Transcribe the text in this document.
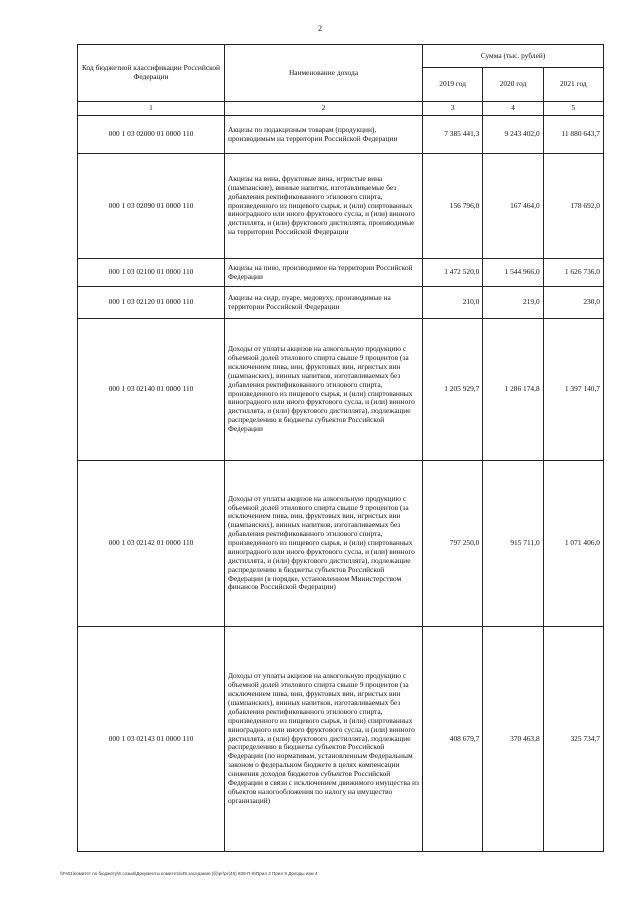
2
Код бюджетной классификации Российской Федерации	Наименование дохода	Сумма (тыс. рублей)		
		2019 год	2020 год	2021 год
1	2	3	4	5
000 1 03 02000 01 0000 110	Акцизы по подакцизным товарам (продукции), производимым на территории Российской Федерации	7 385 441,3	9 243 402,0	11 880 643,7
000 1 03 02090 01 0000 110	Акцизы на вина, фруктовые вина, игристые вина (шампанские), винные напитки, изготавливаемые без добавления ректификованного этилового спирта, произведенного из пищевого сырья, и (или) спиртованных виноградного или иного фруктового сусла, и (или) винного дистиллята, и (или) фруктового дистиллята, производимые на территории Российской Федерации	156 796,0	167 464,0	178 692,0
000 1 03 02100 01 0000 110	Акцизы на пиво, производимое на территории Российской Федерации	1 472 520,0	1 544 966,0	1 626 736,0
000 1 03 02120 01 0000 110	Акцизы на сидр, пуаре, медовуху, производимые на территории Российской Федерации	210,0	219,0	230,0
000 1 03 02140 01 0000 110	Доходы от уплаты акцизов на алкогольную продукцию с объемной долей этилового спирта свыше 9 процентов (за исключением пива, вин, фруктовых вин, игристых вин (шампанских), винных напитков, изготавливаемых без добавления ректификованного этилового спирта, произведенного из пищевого сырья, и (или) спиртованных виноградного или иного фруктового сусла, и (или) винного дистиллята, и (или) фруктового дистиллята), подлежащие распределению в бюджеты субъектов Российской Федерации	1 205 929,7	1 286 174,8	1 397 140,7
000 1 03 02142 01 0000 110	Доходы от уплаты акцизов на алкогольную продукцию с объемной долей этилового спирта свыше 9 процентов (за исключением пива, вин, фруктовых вин, игристых вин (шампанских), винных напитков, изготавливаемых без добавления ректификованного этилового спирта, произведенного из пищевого сырья, и (или) спиртованных виноградного или иного фруктового сусла, и (или) винного дистиллята, и (или) фруктового дистиллята), подлежащие распределению в бюджеты субъектов Российской Федерации (в порядке, установленном Министерством финансов Российской Федерации)	797 250,0	915 711,0	1 071 406,0
000 1 03 02143 01 0000 110	Доходы от уплаты акцизов на алкогольную продукцию с объемной долей этилового спирта свыше 9 процентов (за исключением пива, вин, фруктовых вин, игристых вин (шампанских), винных напитков, изготавливаемых без добавления ректификованного этилового спирта, произведенного из пищевого сырья, и (или) спиртованных виноградного или иного фруктового сусла, и (или) винного дистиллята, и (или) фруктового дистиллята), подлежащие распределению в бюджеты субъектов Российской Федерации (по нормативам, установленным Федеральным законом о федеральном бюджете в целях компенсации снижения доходов бюджетов субъектов Российской Федерации в связи с исключением движимого имущества из объектов налогообложения по налогу на имущество организаций)	408 679,7	370 463,8	325 734,7
\\Fs01\комитет по бюджету\6 созыв\Документы комитета\45 заседание (б)\рг\рг(45) 838-П-6\Прил 3 Прил 9 Доходы изм 4
